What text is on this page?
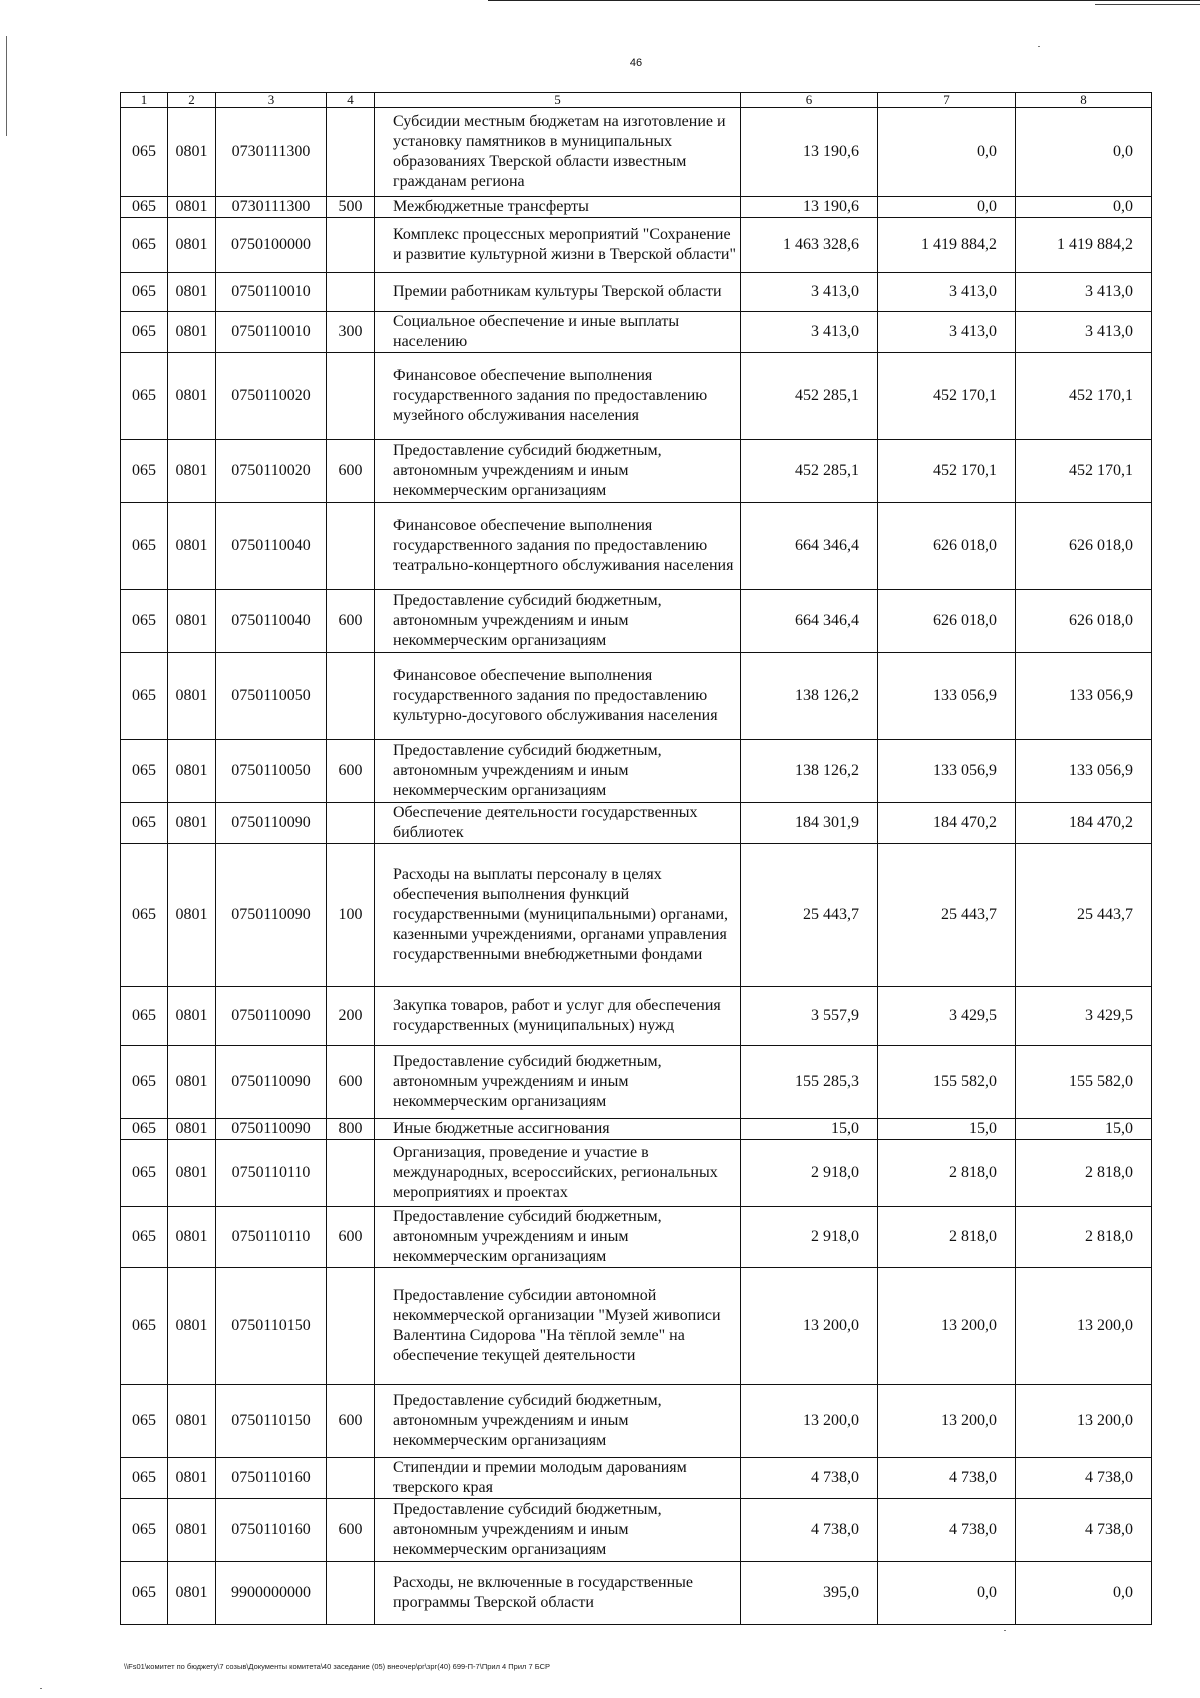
46
1	2	3	4	5	6	7	8
065	0801	0730111300		Субсидии местным бюджетам на изготовление и установку памятников в муниципальных образованиях Тверской области известным гражданам региона	13 190,6	0,0	0,0
065	0801	0730111300	500	Межбюджетные трансферты	13 190,6	0,0	0,0
065	0801	0750100000		Комплекс процессных мероприятий "Сохранение и развитие культурной жизни в Тверской области"	1 463 328,6	1 419 884,2	1 419 884,2
065	0801	0750110010		Премии работникам культуры Тверской области	3 413,0	3 413,0	3 413,0
065	0801	0750110010	300	Социальное обеспечение и иные выплаты населению	3 413,0	3 413,0	3 413,0
065	0801	0750110020		Финансовое обеспечение выполнения государственного задания по предоставлению музейного обслуживания населения	452 285,1	452 170,1	452 170,1
065	0801	0750110020	600	Предоставление субсидий бюджетным, автономным учреждениям и иным некоммерческим организациям	452 285,1	452 170,1	452 170,1
065	0801	0750110040		Финансовое обеспечение выполнения государственного задания по предоставлению театрально-концертного обслуживания населения	664 346,4	626 018,0	626 018,0
065	0801	0750110040	600	Предоставление субсидий бюджетным, автономным учреждениям и иным некоммерческим организациям	664 346,4	626 018,0	626 018,0
065	0801	0750110050		Финансовое обеспечение выполнения государственного задания по предоставлению культурно-досугового обслуживания населения	138 126,2	133 056,9	133 056,9
065	0801	0750110050	600	Предоставление субсидий бюджетным, автономным учреждениям и иным некоммерческим организациям	138 126,2	133 056,9	133 056,9
065	0801	0750110090		Обеспечение деятельности государственных библиотек	184 301,9	184 470,2	184 470,2
065	0801	0750110090	100	Расходы на выплаты персоналу в целях обеспечения выполнения функций государственными (муниципальными) органами, казенными учреждениями, органами управления государственными внебюджетными фондами	25 443,7	25 443,7	25 443,7
065	0801	0750110090	200	Закупка товаров, работ и услуг для обеспечения государственных (муниципальных) нужд	3 557,9	3 429,5	3 429,5
065	0801	0750110090	600	Предоставление субсидий бюджетным, автономным учреждениям и иным некоммерческим организациям	155 285,3	155 582,0	155 582,0
065	0801	0750110090	800	Иные бюджетные ассигнования	15,0	15,0	15,0
065	0801	0750110110		Организация, проведение и участие в международных, всероссийских, региональных мероприятиях и проектах	2 918,0	2 818,0	2 818,0
065	0801	0750110110	600	Предоставление субсидий бюджетным, автономным учреждениям и иным некоммерческим организациям	2 918,0	2 818,0	2 818,0
065	0801	0750110150		Предоставление субсидии автономной некоммерческой организации "Музей живописи Валентина Сидорова "На тёплой земле" на обеспечение текущей деятельности	13 200,0	13 200,0	13 200,0
065	0801	0750110150	600	Предоставление субсидий бюджетным, автономным учреждениям и иным некоммерческим организациям	13 200,0	13 200,0	13 200,0
065	0801	0750110160		Стипендии и премии молодым дарованиям тверского края	4 738,0	4 738,0	4 738,0
065	0801	0750110160	600	Предоставление субсидий бюджетным, автономным учреждениям и иным некоммерческим организациям	4 738,0	4 738,0	4 738,0
065	0801	9900000000		Расходы, не включенные в государственные программы Тверской области	395,0	0,0	0,0
\\Fs01\комитет по бюджету\7 созыв\Документы комитета\40 заседание (05) внеочер\рг\зрг(40) 699-П-7\Прил 4 Прил 7 БСР
